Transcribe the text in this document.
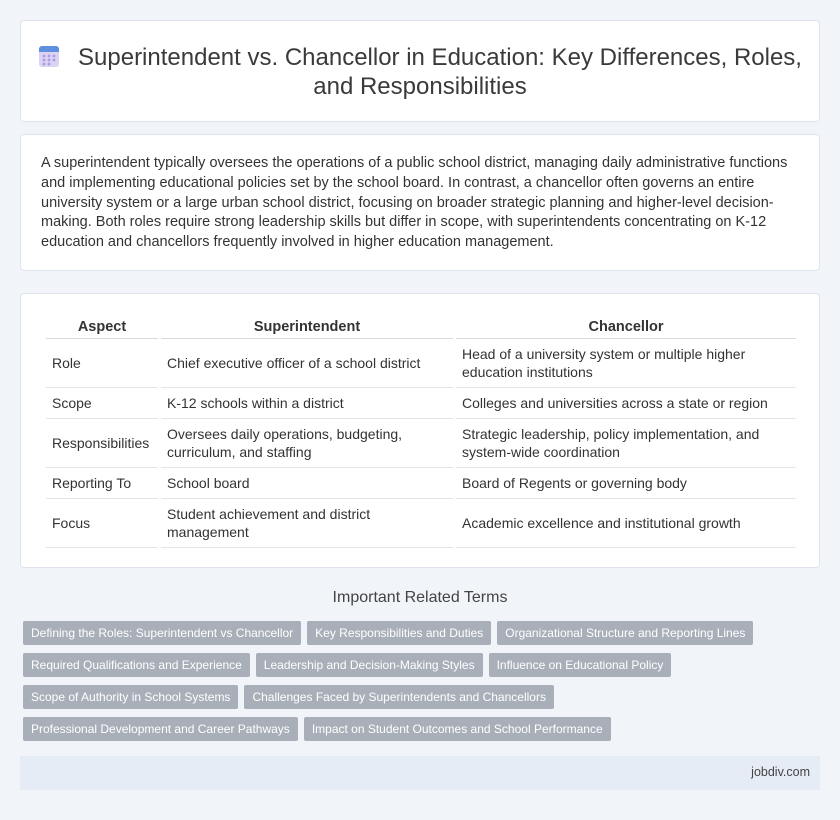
Superintendent vs. Chancellor in Education: Key Differences, Roles, and Responsibilities
A superintendent typically oversees the operations of a public school district, managing daily administrative functions and implementing educational policies set by the school board. In contrast, a chancellor often governs an entire university system or a large urban school district, focusing on broader strategic planning and higher-level decision-making. Both roles require strong leadership skills but differ in scope, with superintendents concentrating on K-12 education and chancellors frequently involved in higher education management.
Aspect	Superintendent	Chancellor
Role	Chief executive officer of a school district	Head of a university system or multiple higher education institutions
Scope	K-12 schools within a district	Colleges and universities across a state or region
Responsibilities	Oversees daily operations, budgeting, curriculum, and staffing	Strategic leadership, policy implementation, and system-wide coordination
Reporting To	School board	Board of Regents or governing body
Focus	Student achievement and district management	Academic excellence and institutional growth
Important Related Terms
Defining the Roles: Superintendent vs Chancellor Key Responsibilities and Duties Organizational Structure and Reporting Lines
Required Qualifications and Experience Leadership and Decision-Making Styles Influence on Educational Policy
Scope of Authority in School Systems Challenges Faced by Superintendents and Chancellors
Professional Development and Career Pathways Impact on Student Outcomes and School Performance
jobdiv.com
